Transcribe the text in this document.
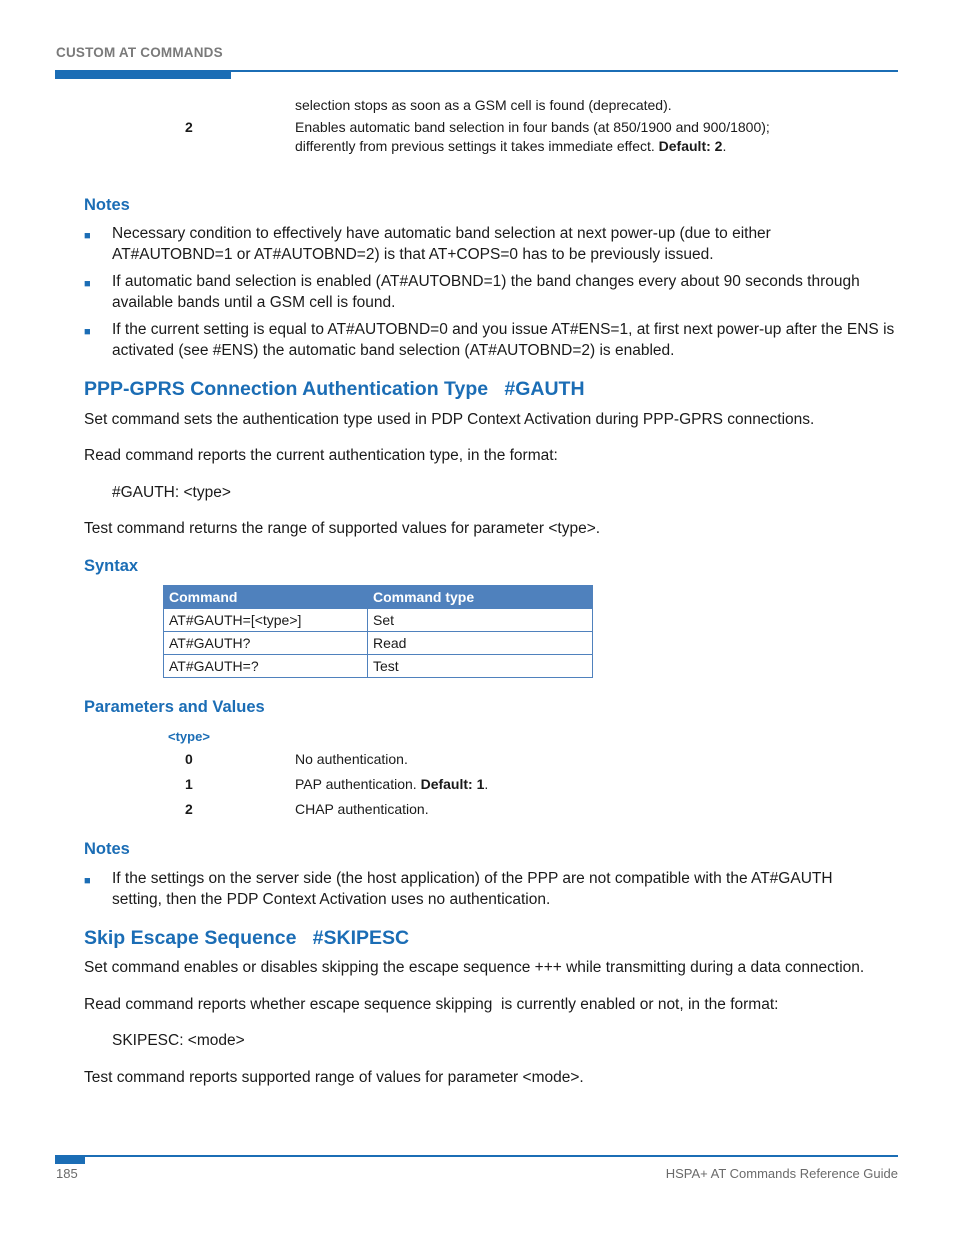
CUSTOM AT COMMANDS
selection stops as soon as a GSM cell is found (deprecated).
2	Enables automatic band selection in four bands (at 850/1900 and 900/1800);
differently from previous settings it takes immediate effect. Default: 2.
Notes
■ Necessary condition to effectively have automatic band selection at next power-up (due to either
AT#AUTOBND=1 or AT#AUTOBND=2) is that AT+COPS=0 has to be previously issued.
■ If automatic band selection is enabled (AT#AUTOBND=1) the band changes every about 90 seconds through
available bands until a GSM cell is found.
■ If the current setting is equal to AT#AUTOBND=0 and you issue AT#ENS=1, at first next power-up after the ENS is
activated (see #ENS) the automatic band selection (AT#AUTOBND=2) is enabled.
PPP-GPRS Connection Authentication Type   #GAUTH
Set command sets the authentication type used in PDP Context Activation during PPP-GPRS connections.
Read command reports the current authentication type, in the format:
#GAUTH: <type>
Test command returns the range of supported values for parameter <type>.
Syntax
Command	Command type
AT#GAUTH=[<type>]	Set
AT#GAUTH?	Read
AT#GAUTH=?	Test
Parameters and Values
<type>
0	No authentication.
1	PAP authentication. Default: 1.
2	CHAP authentication.
Notes
■ If the settings on the server side (the host application) of the PPP are not compatible with the AT#GAUTH
setting, then the PDP Context Activation uses no authentication.
Skip Escape Sequence   #SKIPESC
Set command enables or disables skipping the escape sequence +++ while transmitting during a data connection.
Read command reports whether escape sequence skipping  is currently enabled or not, in the format:
SKIPESC: <mode>
Test command reports supported range of values for parameter <mode>.
185	HSPA+ AT Commands Reference Guide
